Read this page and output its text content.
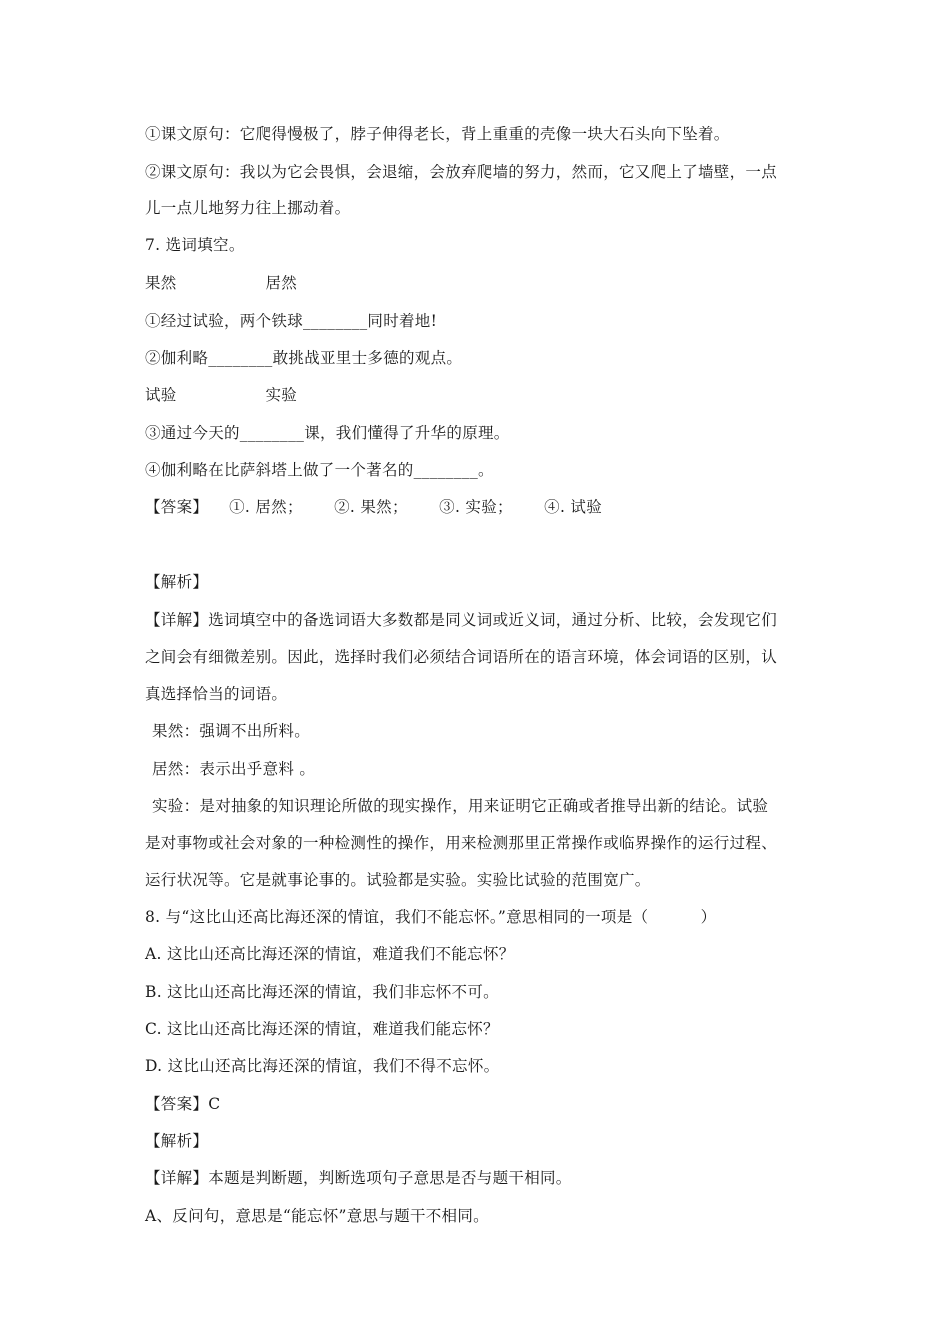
①课文原句：它爬得慢极了，脖子伸得老长，背上重重的壳像一块大石头向下坠着。
②课文原句：我以为它会畏惧，会退缩，会放弃爬墙的努力，然而，它又爬上了墙壁，一点
儿一点儿地努力往上挪动着。
7. 选词填空。
果然                 居然
①经过试验，两个铁球________同时着地!
②伽利略________敢挑战亚里士多德的观点。
试验                 实验
③通过今天的________课，我们懂得了升华的原理。
④伽利略在比萨斜塔上做了一个著名的________。
【答案】    ①. 居然；      ②. 果然；      ③. 实验；      ④. 试验
【解析】
【详解】选词填空中的备选词语大多数都是同义词或近义词，通过分析、比较，会发现它们
之间会有细微差别。因此，选择时我们必须结合词语所在的语言环境，体会词语的区别，认
真选择恰当的词语。
果然：强调不出所料。
居然：表示出乎意料 。
实验：是对抽象的知识理论所做的现实操作，用来证明它正确或者推导出新的结论。试验
是对事物或社会对象的一种检测性的操作，用来检测那里正常操作或临界操作的运行过程、
运行状况等。它是就事论事的。试验都是实验。实验比试验的范围宽广。
8. 与“这比山还高比海还深的情谊，我们不能忘怀。”意思相同的一项是（          ）
A. 这比山还高比海还深的情谊，难道我们不能忘怀？
B. 这比山还高比海还深的情谊，我们非忘怀不可。
C. 这比山还高比海还深的情谊，难道我们能忘怀？
D. 这比山还高比海还深的情谊，我们不得不忘怀。
【答案】C
【解析】
【详解】本题是判断题，判断选项句子意思是否与题干相同。
A、反问句，意思是“能忘怀”意思与题干不相同。
